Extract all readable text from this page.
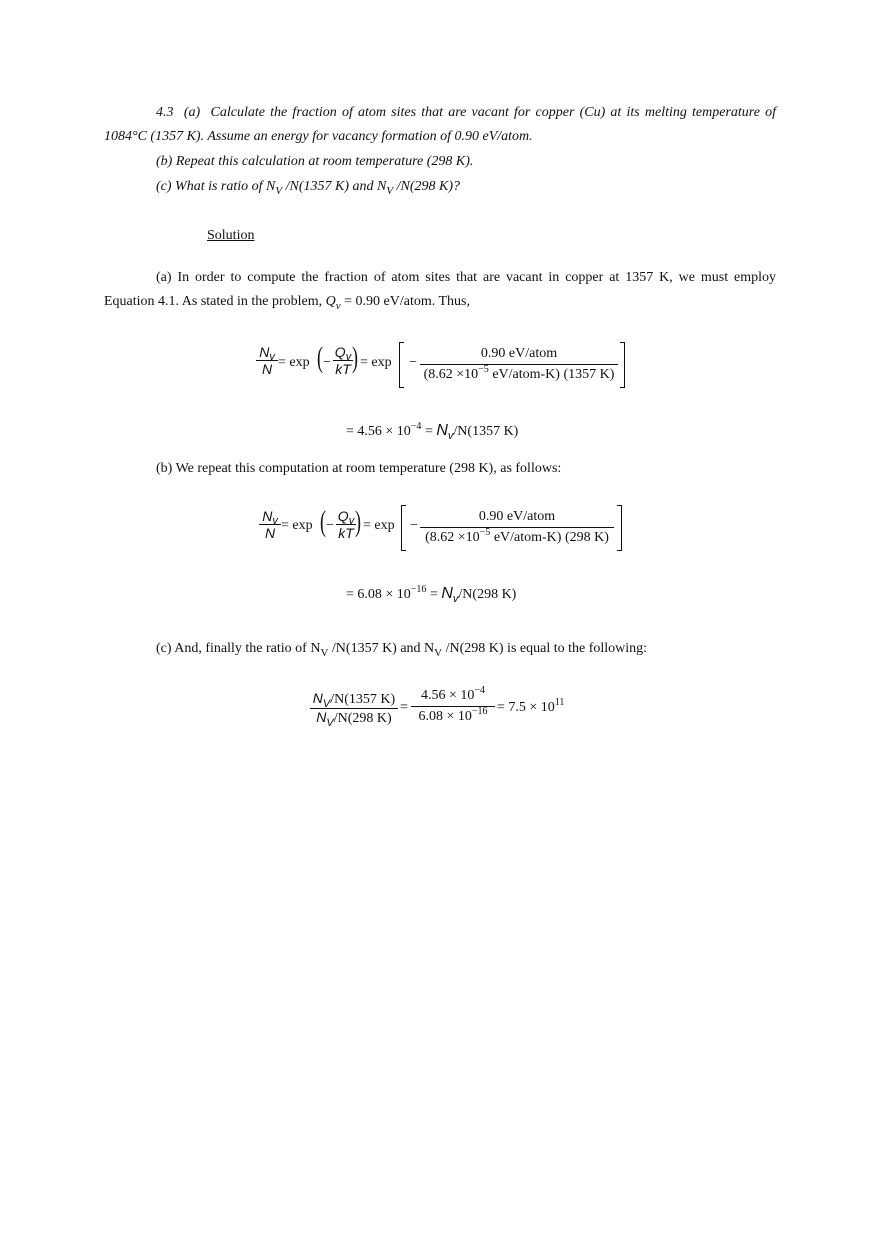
4.3 (a) Calculate the fraction of atom sites that are vacant for copper (Cu) at its melting temperature of
1084°C (1357 K). Assume an energy for vacancy formation of 0.90 eV/atom.
(b) Repeat this calculation at room temperature (298 K).
(c) What is ratio of $N_V$ /N(1357 K) and $N_V$ /N(298 K)?
Solution
(a) In order to compute the fraction of atom sites that are vacant in copper at 1357 K, we must employ
Equation 4.1. As stated in the problem, $Q_v = 0.90$ eV/atom. Thus,
$N_v$
N = exp ( −
$Q_v$
kT ) = exp −
0.90 eV/atom
($8.62 \times 10^{-5}$ eV/atom-K) (1357 K)
= $4.56 \times 10^{-4} = N_v/N(1357$ K)
(b) We repeat this computation at room temperature (298 K), as follows:
$N_v$
N = exp ( −
$Q_v$
kT ) = exp −
0.90 eV/atom
($8.62 \times 10^{-5}$ eV/atom-K) (298 K)
= $6.08 \times 10^{-16} = N_v/N(298$ K)
(c) And, finally the ratio of $N_V$ /N(1357 K) and $N_V$ /N(298 K) is equal to the following:
$N_V/N(1357$ K)
$N_V/N(298$ K)
=
$4.56 \times 10^{-4}$
$6.08 \times 10^{-16} = 7.5 \times 10^{11}$
